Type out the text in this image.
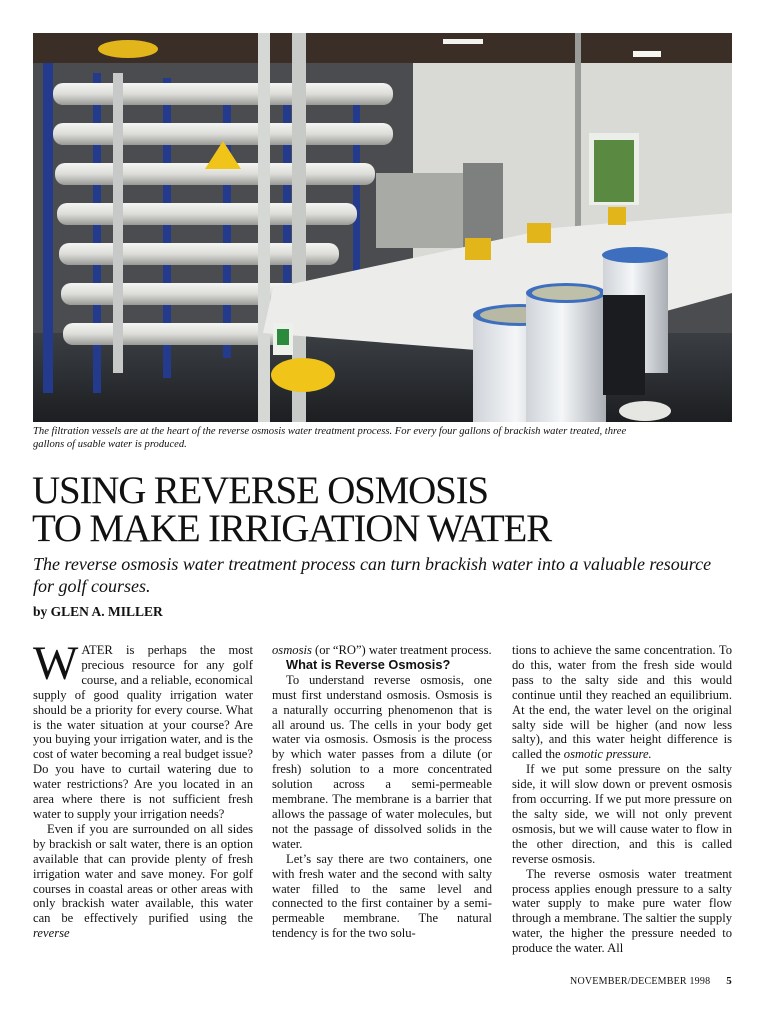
The filtration vessels are at the heart of the reverse osmosis water treatment process. For every four gallons of brackish water treated, three gallons of usable water is produced.
USING REVERSE OSMOSIS
TO MAKE IRRIGATION WATER
The reverse osmosis water treatment process can turn brackish water into a valuable resource for golf courses.
by GLEN A. MILLER

WATER is perhaps the most precious resource for any golf course, and a reliable, economical supply of good quality irrigation water should be a priority for every course. What is the water situation at your course? Are you buying your irrigation water, and is the cost of water becoming a real budget issue? Do you have to curtail watering due to water restrictions? Are you located in an area where there is not sufficient fresh water to supply your irrigation needs?

Even if you are surrounded on all sides by brackish or salt water, there is an option available that can provide plenty of fresh irrigation water and save money. For golf courses in coastal areas or other areas with only brackish water available, this water can be effectively purified using the reverse

osmosis (or “RO”) water treatment process.

What is Reverse Osmosis?

To understand reverse osmosis, one must first understand osmosis. Osmosis is a naturally occurring phenomenon that is all around us. The cells in your body get water via osmosis. Osmosis is the process by which water passes from a dilute (or fresh) solution to a more concentrated solution across a semi-permeable membrane. The membrane is a barrier that allows the passage of water molecules, but not the passage of dissolved solids in the water.

Let’s say there are two containers, one with fresh water and the second with salty water filled to the same level and connected to the first container by a semi-permeable membrane. The natural tendency is for the two solu-

tions to achieve the same concentration. To do this, water from the fresh side would pass to the salty side and this would continue until they reached an equilibrium. At the end, the water level on the original salty side will be higher (and now less salty), and this water height difference is called the osmotic pressure.

If we put some pressure on the salty side, it will slow down or prevent osmosis from occurring. If we put more pressure on the salty side, we will not only prevent osmosis, but we will cause water to flow in the other direction, and this is called reverse osmosis.

The reverse osmosis water treatment process applies enough pressure to a salty water supply to make pure water flow through a membrane. The saltier the supply water, the higher the pressure needed to produce the water. All

NOVEMBER/DECEMBER 1998 5
